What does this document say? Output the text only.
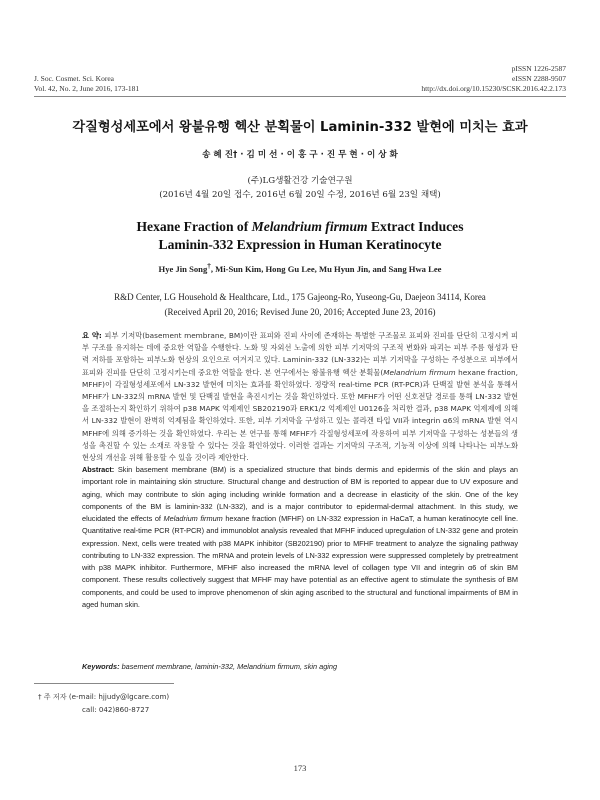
J. Soc. Cosmet. Sci. Korea
Vol. 42, No. 2, June 2016, 173-181
pISSN 1226-2587
eISSN 2288-9507
http://dx.doi.org/10.15230/SCSK.2016.42.2.173
각질형성세포에서 왕불유행 헥산 분획물이 Laminin-332 발현에 미치는 효과
송 혜 진† · 김 미 선 · 이 홍 구 · 진 무 현 · 이 상 화
(주)LG생활건강 기술연구원
(2016년 4월 20일 접수, 2016년 6월 20일 수정, 2016년 6월 23일 채택)
Hexane Fraction of Melandrium firmum Extract Induces
Laminin-332 Expression in Human Keratinocyte
Hye Jin Song†, Mi-Sun Kim, Hong Gu Lee, Mu Hyun Jin, and Sang Hwa Lee
R&D Center, LG Household & Healthcare, Ltd., 175 Gajeong-Ro, Yuseong-Gu, Daejeon 34114, Korea
(Received April 20, 2016; Revised June 20, 2016; Accepted June 23, 2016)
요 약: 피부 기저막(basement membrane, BM)이란 표피와 진피 사이에 존재하는 특별한 구조물로 표피와 진피를 단단히 고정시켜 피부 구조를 유지하는 데에 중요한 역할을 수행한다. 노화 및 자외선 노출에 의한 피부 기저막의 구조적 변화와 파괴는 피부 주름 형성과 탄력 저하를 포함하는 피부노화 현상의 요인으로 여겨지고 있다. Laminin-332 (LN-332)는 피부 기저막을 구성하는 주성분으로 피부에서 표피와 진피를 단단히 고정시키는데 중요한 역할을 한다. 본 연구에서는 왕불유행 헥산 분획물(Melandrium firmum hexane fraction, MFHF)이 각질형성세포에서 LN-332 발현에 미치는 효과를 확인하였다. 정량적 real-time PCR (RT-PCR)과 단백질 발현 분석을 통해서 MFHF가 LN-332의 mRNA 발현 및 단백질 발현을 촉진시키는 것을 확인하였다. 또한 MFHF가 어떤 신호전달 경로를 통해 LN-332 발현을 조절하는지 확인하기 위하여 p38 MAPK 억제제인 SB202190과 ERK1/2 억제제인 U0126을 처리한 결과, p38 MAPK 억제제에 의해서 LN-332 발현이 완벽히 억제됨을 확인하였다. 또한, 피부 기저막을 구성하고 있는 콜라겐 타입 VII과 integrin α6의 mRNA 발현 역시 MFHF에 의해 증가하는 것을 확인하였다. 우리는 본 연구를 통해 MFHF가 각질형성세포에 작용하여 피부 기저막을 구성하는 성분들의 생성을 촉진할 수 있는 소재로 작용할 수 있다는 것을 확인하였다. 이러한 결과는 기저막의 구조적, 기능적 이상에 의해 나타나는 피부노화 현상의 개선을 위해 활용할 수 있을 것이라 제안한다.
Abstract: Skin basement membrane (BM) is a specialized structure that binds dermis and epidermis of the skin and plays an important role in maintaining skin structure. Structural change and destruction of BM is reported to appear due to UV exposure and aging, which may contribute to skin aging including wrinkle formation and a decrease in elasticity of the skin. One of the key components of the BM is laminin-332 (LN-332), and is a major contributor to epidermal-dermal attachment. In this study, we elucidated the effects of Meladrium firmum hexane fraction (MFHF) on LN-332 expression in HaCaT, a human keratinocyte cell line. Quantitative real-time PCR (RT-PCR) and immunoblot analysis revealed that MFHF induced upregulation of LN-332 gene and protein expression. Next, cells were treated with p38 MAPK inhibitor (SB202190) prior to MFHF treatment to analyze the signaling pathway contributing to LN-332 expression. The mRNA and protein levels of LN-332 expression were suppressed completely by pretreatment with p38 MAPK inhibitor. Furthermore, MFHF also increased the mRNA level of collagen type VII and integrin α6 of skin BM component. These results collectively suggest that MFHF may have potential as an effective agent to stimulate the synthesis of BM components, and could be used to improve phenomenon of skin aging ascribed to the structural and functional impairments of BM in aged human skin.
Keywords: basement membrane, laminin-332, Melandrium firmum, skin aging
† 주 저자 (e-mail: hjjudy@lgcare.com)
call: 042)860-8727
173
